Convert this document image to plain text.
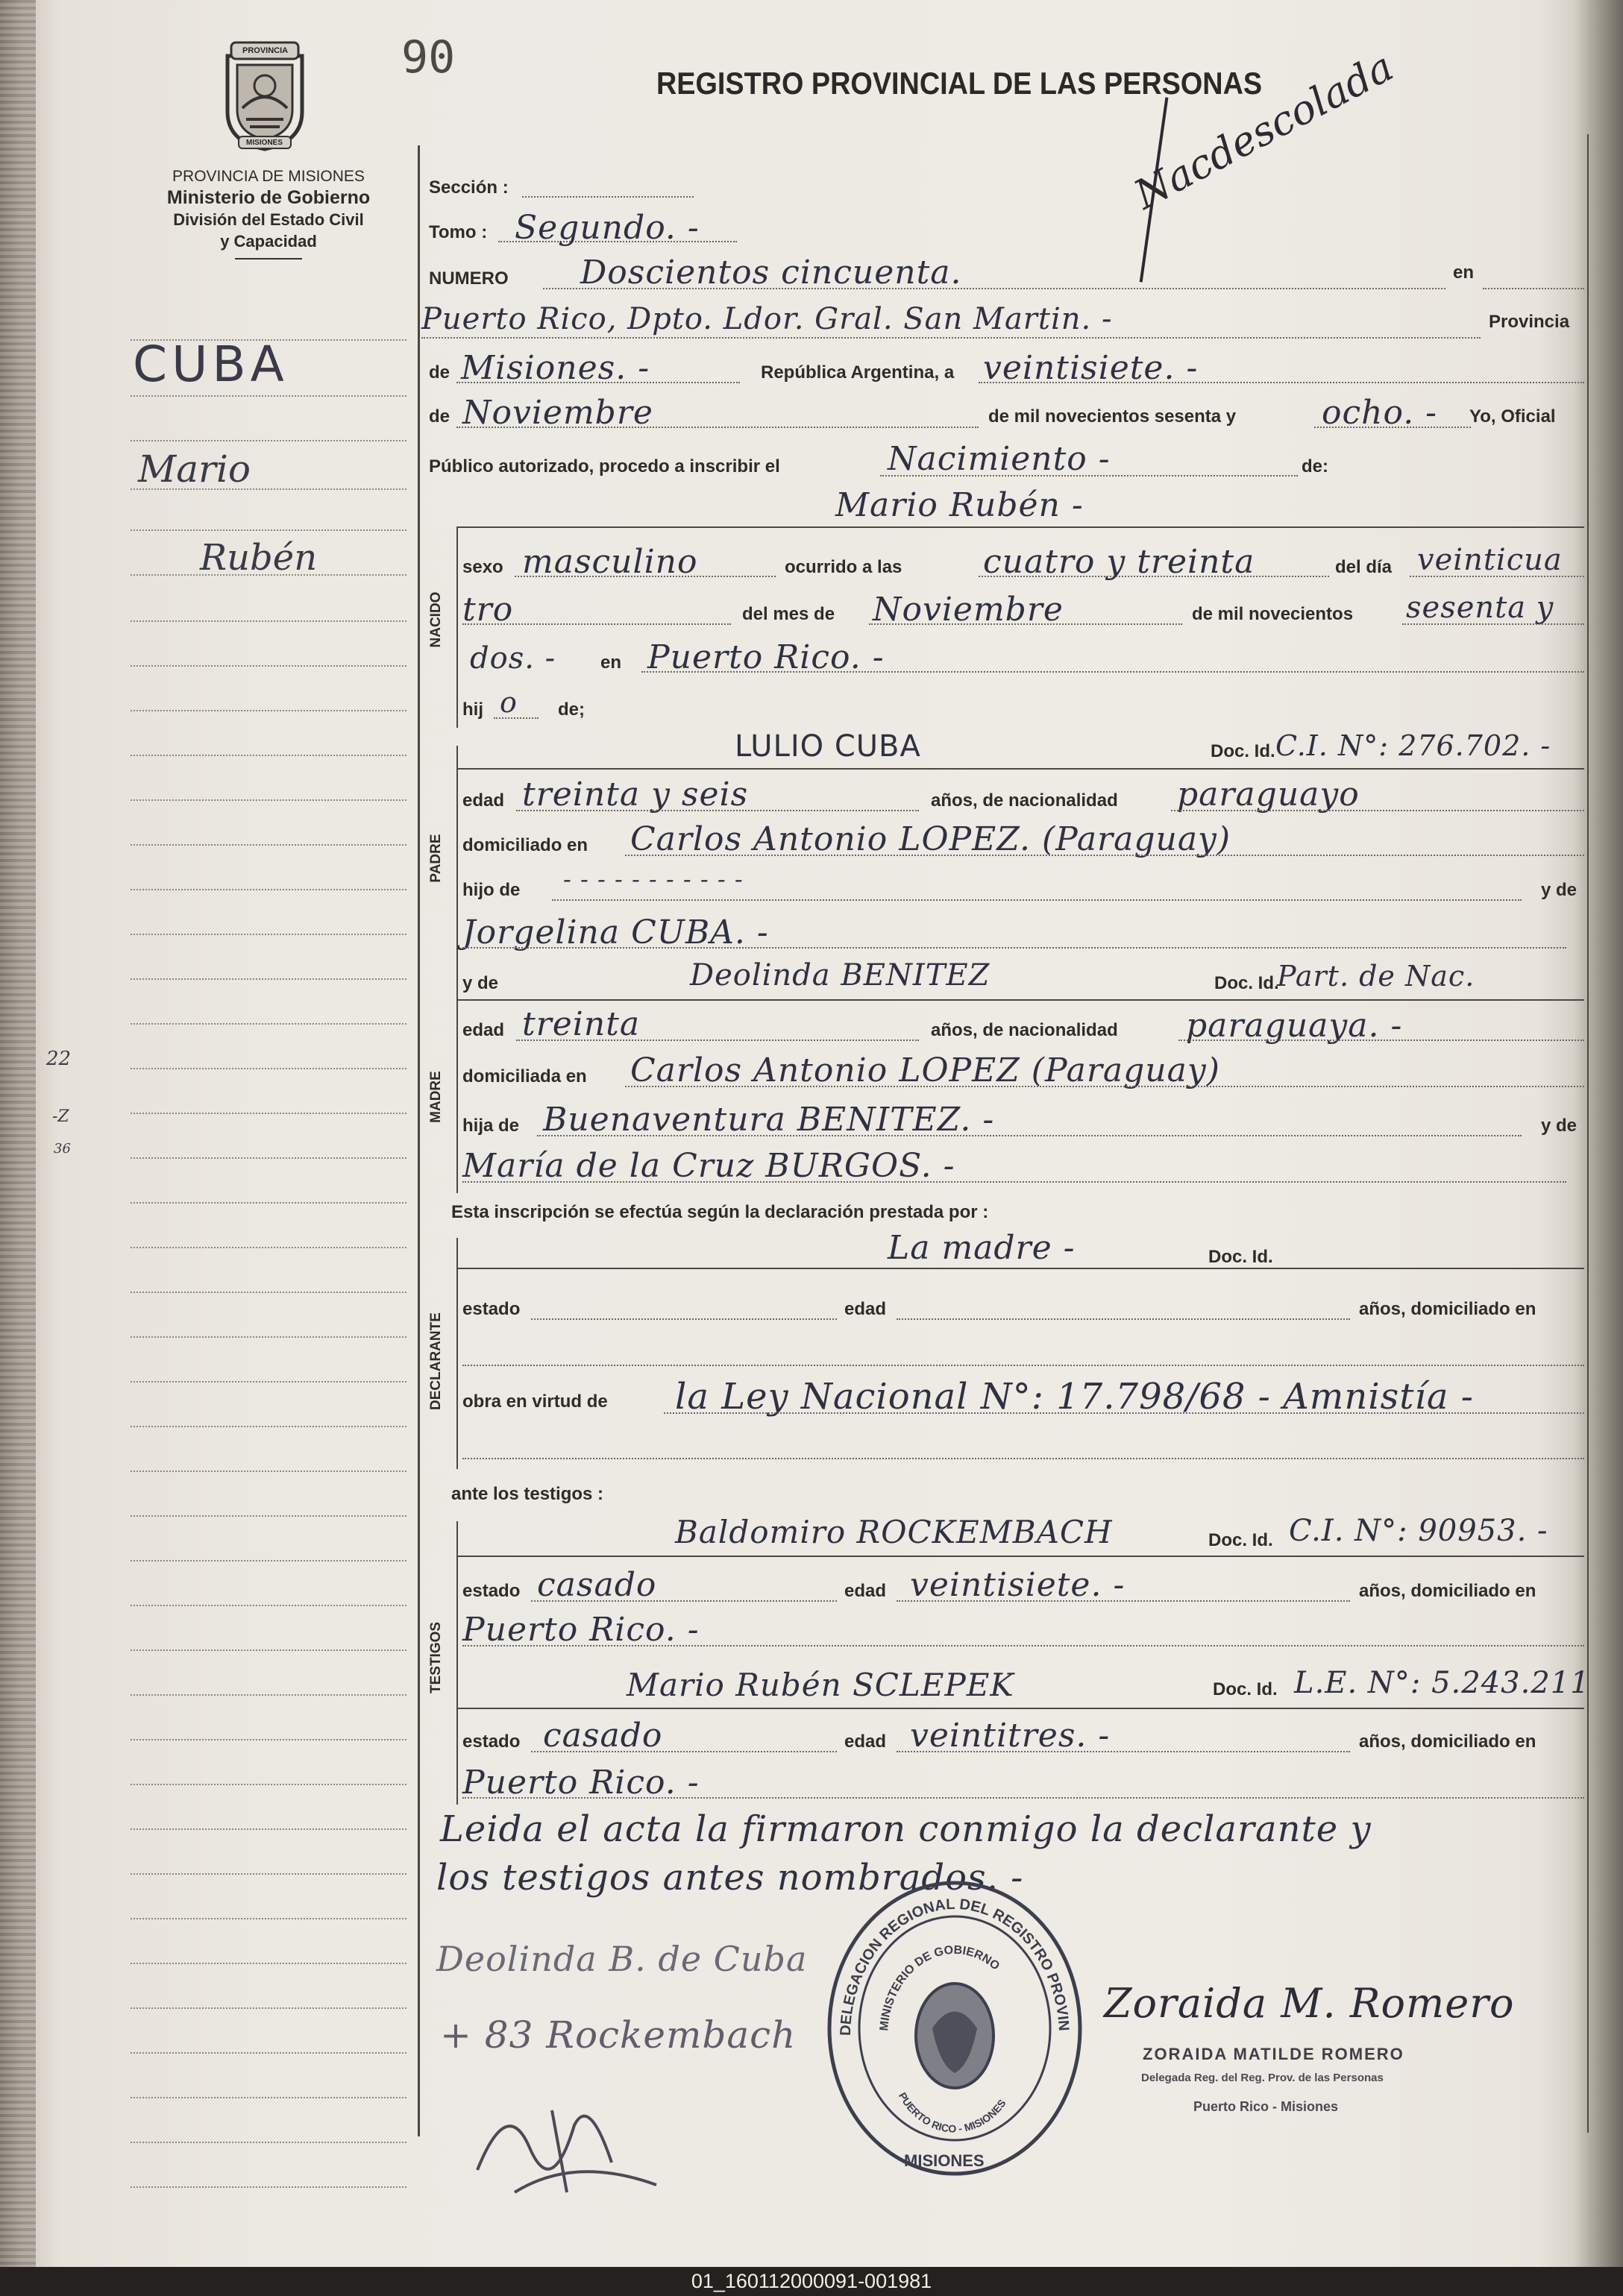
PROVINCIA
MISIONES
PROVINCIA DE MISIONES
Ministerio de Gobierno
División del Estado Civil
y Capacidad
90	REGISTRO PROVINCIAL DE LAS PERSONAS
Nacdescolada
CUBA
Mario
Rubén
22
-Z
36
Sección :
Tomo : Segundo. -
NUMERO Doscientos cincuenta.	en
Puerto Rico, Dpto. Ldor. Gral. San Martin. -	Provincia
de Misiones. -	República Argentina, a veintisiete. -
de Noviembre	de mil novecientos sesenta y	ocho. - Yo, Oficial
Público autorizado, procedo a inscribir el	Nacimiento -	de:
NACIDO
Mario Rubén -
sexo masculino	ocurrido a las cuatro y treinta	del día veinticua
tro	del mes de Noviembre	de mil novecientos sesenta y
dos. - en Puerto Rico. -
hij o de;
PADRE
LULIO CUBA	Doc. Id. C.I. N°: 276.702. -
edad treinta y seis	años, de nacionalidad paraguayo
domiciliado en Carlos Antonio LOPEZ. (Paraguay)
hijo de - - - - - - - - - - -	y de
Jorgelina CUBA. -
y de
MADRE
Deolinda BENITEZ	Doc. Id.
Part. de Nac.
edad treinta	años, de nacionalidad paraguaya. -
domiciliada en Carlos Antonio LOPEZ (Paraguay)
hija de Buenaventura BENITEZ. -	y de
María de la Cruz BURGOS. -
Esta inscripción se efectúa según la declaración prestada por :
DECLARANTE
La madre -	Doc. Id.
estado	edad	años, domiciliado en
obra en virtud de la Ley Nacional N°: 17.798/68 - Amnistía -
ante los testigos :
TESTIGOS
Baldomiro ROCKEMBACH	Doc. Id. C.I. N°: 90953. -
estado casado	edad veintisiete. -	años, domiciliado en
Puerto Rico. -
Mario Rubén SCLEPEK	Doc. Id. L.E. N°: 5.243.211
estado casado	edad veintitres. -	años, domiciliado en
Puerto Rico. -
Leida el acta la firmaron conmigo la declarante y
los testigos antes nombrados. -
Deolinda B. de Cuba
+ 83 Rockembach
Zoraida M. Romero
ZORAIDA MATILDE ROMERO
Delegada Reg. del Reg. Prov. de las Personas
Puerto Rico - Misiones
DELEGACION REGIONAL DEL REGISTRO PROVIN
MINISTERIO DE GOBIERNO
PUERTO RICO - MISIONES
MISIONES
01_160112000091-001981
